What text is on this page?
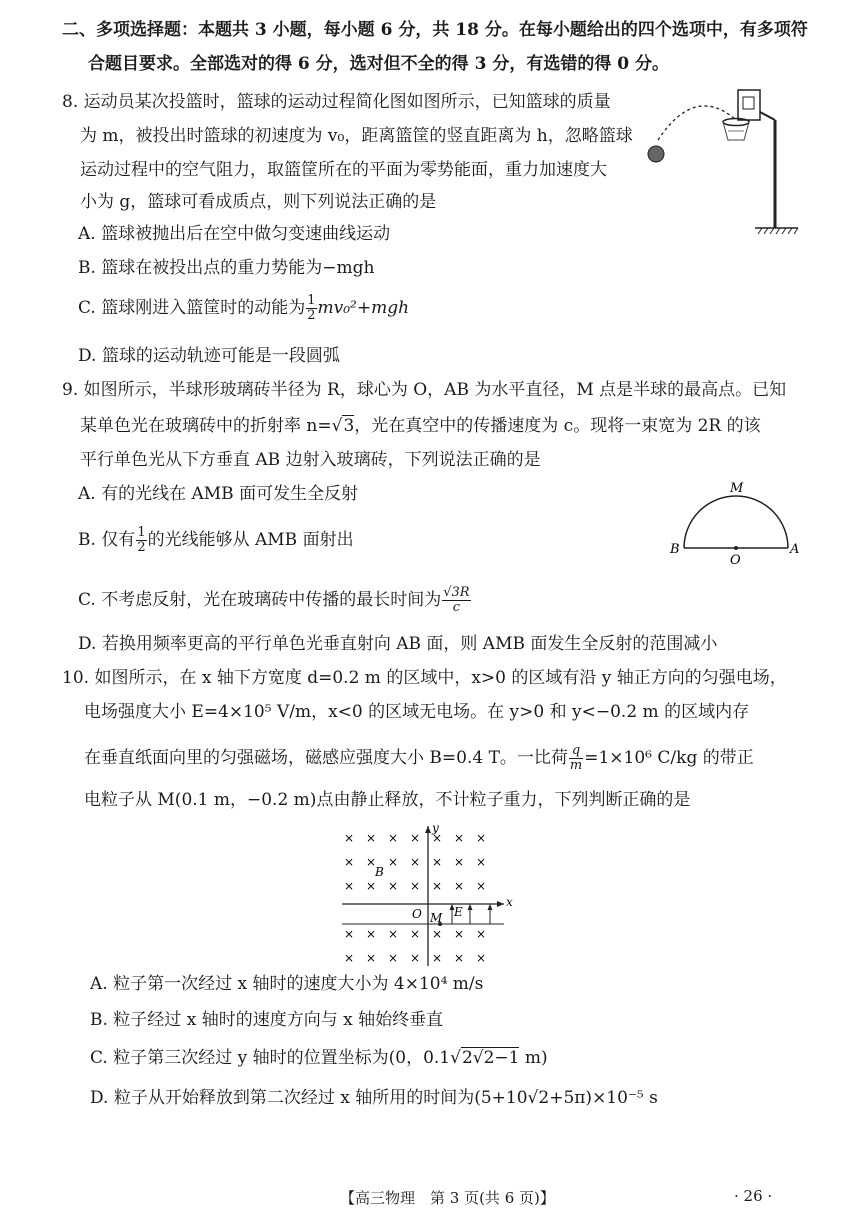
二、多项选择题：本题共 3 小题，每小题 6 分，共 18 分。在每小题给出的四个选项中，有多项符
合题目要求。全部选对的得 6 分，选对但不全的得 3 分，有选错的得 0 分。
8. 运动员某次投篮时，篮球的运动过程简化图如图所示，已知篮球的质量
为 m，被投出时篮球的初速度为 v₀，距离篮筐的竖直距离为 h，忽略篮球
运动过程中的空气阻力，取篮筐所在的平面为零势能面，重力加速度大
小为 g，篮球可看成质点，则下列说法正确的是
A. 篮球被抛出后在空中做匀变速曲线运动
B. 篮球在被投出点的重力势能为−mgh
C. 篮球刚进入篮筐时的动能为 $\frac{1}{2} mv_0^2+mgh$
D. 篮球的运动轨迹可能是一段圆弧
9. 如图所示，半球形玻璃砖半径为 R，球心为 O，AB 为水平直径，M 点是半球的最高点。已知
某单色光在玻璃砖中的折射率 n=√3，光在真空中的传播速度为 c。现将一束宽为 2R 的该
平行单色光从下方垂直 AB 边射入玻璃砖，下列说法正确的是
A. 有的光线在 AMB 面可发生全反射
B. 仅有 $\frac{1}{2}$ 的光线能够从 AMB 面射出
C. 不考虑反射，光在玻璃砖中传播的最长时间为 $\frac{√3R}{c}$
D. 若换用频率更高的平行单色光垂直射向 AB 面，则 AMB 面发生全反射的范围减小
M
B
O
A
10. 如图所示，在 x 轴下方宽度 d=0.2 m 的区域中，x>0 的区域有沿 y 轴正方向的匀强电场，
电场强度大小 E=4×10⁵ V/m，x<0 的区域无电场。在 y>0 和 y<−0.2 m 的区域内存
在垂直纸面向里的匀强磁场，磁感应强度大小 B=0.4 T。一比荷 $\frac{q}{m} =1\times 10^6$ C/kg 的带正
电粒子从 M(0.1 m，−0.2 m)点由静止释放，不计粒子重力，下列判断正确的是
× × × × × × ×
× × × × × × ×
× × × × × × ×
× × × × × × ×
× × × × × × ×
y
x
O M E
B
A. 粒子第一次经过 x 轴时的速度大小为 4×10⁴ m/s
B. 粒子经过 x 轴时的速度方向与 x 轴始终垂直
C. 粒子第三次经过 y 轴时的位置坐标为(0，0.1√2√2−1 m)
D. 粒子从开始释放到第二次经过 x 轴所用的时间为(5+10√2+5π)×10⁻⁵ s
【高三物理　第 3 页(共 6 页)】	· 26 ·
